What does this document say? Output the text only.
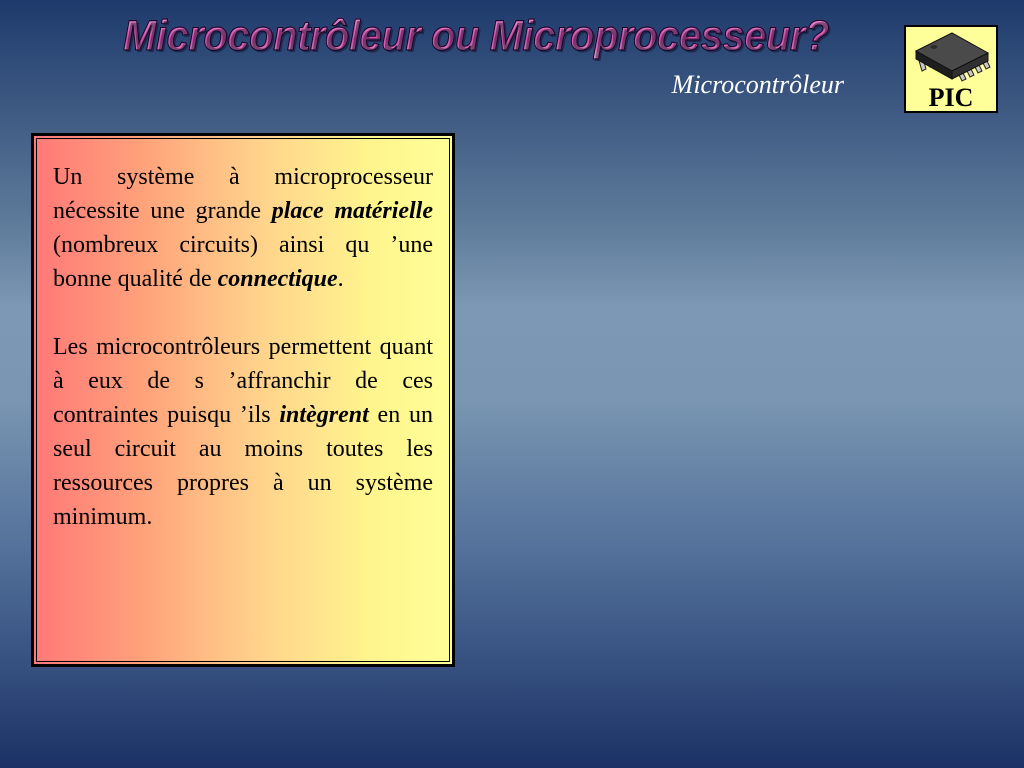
Microcontrôleur ou Microprocesseur?
Microcontrôleur	PIC

Un système à microprocesseur nécessite une grande place matérielle (nombreux circuits) ainsi qu ’une bonne qualité de connectique.

Les microcontrôleurs permettent quant à eux de s ’affranchir de ces contraintes puisqu ’ils intègrent en un seul circuit au moins toutes les ressources propres à un système minimum.
